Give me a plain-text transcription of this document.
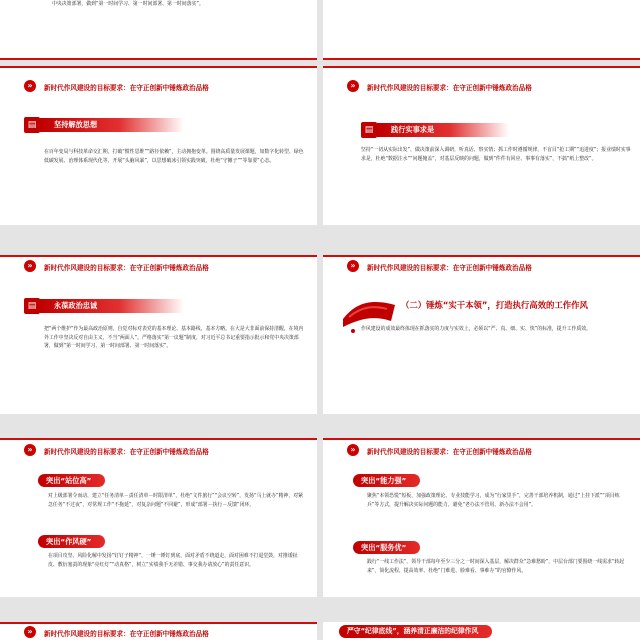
中央决策部署，做到“第一时间学习、第一时间部署、第一时间落实”。
»	新时代作风建设的目标要求：在守正创新中锤炼政治品格
▤	坚持解放思想
在百年变局与科技革命交汇期，打破“惯性思维”“路径依赖”，主动拥抱变革。围绕高质量发展课题，如数字化转型、绿色低碳发展、治理体系现代化等，开展“头脑风暴”，以思想破冰引领实践突破，杜绝“守摊子”“等靠要”心态。
»	新时代作风建设的目标要求：在守正创新中锤炼政治品格
▤	践行实事求是
坚持“一切从实际出发”，做决策前深入调研，听真话、察实情；抓工作时遵循规律，不盲目“抢工期”“追进度”；报业绩时实事求是，杜绝“数据注水”“问题掩盖”，对基层反映的问题，做到“件件有回应、事事有落实”，不搞“纸上整改”。
»	新时代作风建设的目标要求：在守正创新中锤炼政治品格
▤	永葆政治忠诚
把“两个维护”作为最高政治原则，自觉对标对表党的基本理论、基本路线、基本方略。在大是大非面前保持清醒，在境内外工作中坚决反对自由主义，不当“两面人”。严格落实“第一议题”制度，对习近平总书记重要指示批示和党中央决策部署，做到“第一时间学习、第一时间部署、第一时间落实”。
»	新时代作风建设的目标要求：在守正创新中锤炼政治品格
（二）锤炼“实干本领”，打造执行高效的工作作风
作风建设的成效最终体现在抓落实的力度与实效上，必须以“严、真、细、实、快”的标准，提升工作质效。
»	新时代作风建设的目标要求：在守正创新中锤炼政治品格
突出“站位高”
对上级部署令而动，建立“任务清单－责任清单－时限清单”，杜绝“文件旅行”“会议空转”，发扬“马上就办”精神，对紧急任务“不过夜”，对常规工作“不拖延”，对复杂问题“不回避”，形成“部署－执行－反馈”闭环。
突出“作风硬”
在项目攻坚、风险化解中发扬“钉钉子精神”，一锤一锤钉到底，面对矛盾不绕道走，面对困难不打退堂鼓，对推诿扯皮、敷衍塞责的现象“亮红灯”“动真格”，树立“实绩我手无差错、事交我办请放心”的责任意识。
»	新时代作风建设的目标要求：在守正创新中锤炼政治品格
突出“能力强”
聚焦“本领恐慌”短板，加强政策理论、专业技能学习，成为“行家里手”，完善干部培养机制，通过“上挂下派”“项目练兵”等方式，提升解决实际问题的能力，避免“老办法不管用、新办法不会用”。
突出“服务优”
践行“一线工作法”，领导干部每年至少三分之一时间深入基层，解决群众“急难愁盼”，中层台部门要围绕一线需求“转起来”，简化流程，提高效率，杜绝“门难进、脸难看、事难办”的官僚作风。
»	新时代作风建设的目标要求：在守正创新中锤炼政治品格	严守“纪律底线”，涵养清正廉洁的纪律作风
